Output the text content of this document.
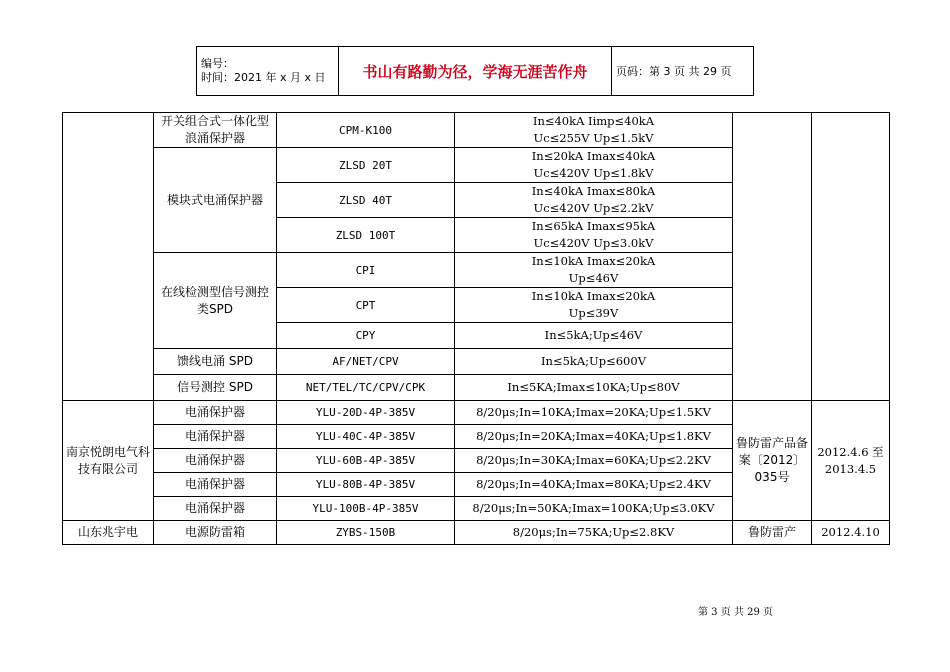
编号：
时间：2021 年 x 月 x 日	书山有路勤为径，学海无涯苦作舟	页码：第 3 页 共 29 页
	开关组合式一体化型浪涌保护器	CPM-K100	In≤40kA Iimp≤40kA
Uc≤255V Up≤1.5kV		

	模块式电涌保护器	ZLSD 20T	In≤20kA Imax≤40kA
Uc≤420V Up≤1.8kV		

		ZLSD 40T	In≤40kA Imax≤80kA
Uc≤420V Up≤2.2kV		

		ZLSD 100T	In≤65kA Imax≤95kA
Uc≤420V Up≤3.0kV		

	在线检测型信号测控类SPD	CPI	In≤10kA Imax≤20kA
Up≤46V		

		CPT	In≤10kA Imax≤20kA
Up≤39V		

		CPY	In≤5kA;Up≤46V		
	馈线电涌 SPD	AF/NET/CPV	In≤5kA;Up≤600V		
	信号测控 SPD	NET/TEL/TC/CPV/CPK	In≤5KA;Imax≤10KA;Up≤80V		
南京悦朗电气科技有限公司	电涌保护器	YLU-20D-4P-385V	8/20μs;In=10KA;Imax=20KA;Up≤1.5KV	鲁防雷产品备案〔2012〕035号	2012.4.6 至 2013.4.5
	电涌保护器	YLU-40C-4P-385V	8/20μs;In=20KA;Imax=40KA;Up≤1.8KV		
	电涌保护器	YLU-60B-4P-385V	8/20μs;In=30KA;Imax=60KA;Up≤2.2KV		
	电涌保护器	YLU-80B-4P-385V	8/20μs;In=40KA;Imax=80KA;Up≤2.4KV		
	电涌保护器	YLU-100B-4P-385V	8/20μs;In=50KA;Imax=100KA;Up≤3.0KV		
山东兆宇电	电源防雷箱	ZYBS-150B	8/20μs;In=75KA;Up≤2.8KV	鲁防雷产	2012.4.10
第 3 页 共 29 页
